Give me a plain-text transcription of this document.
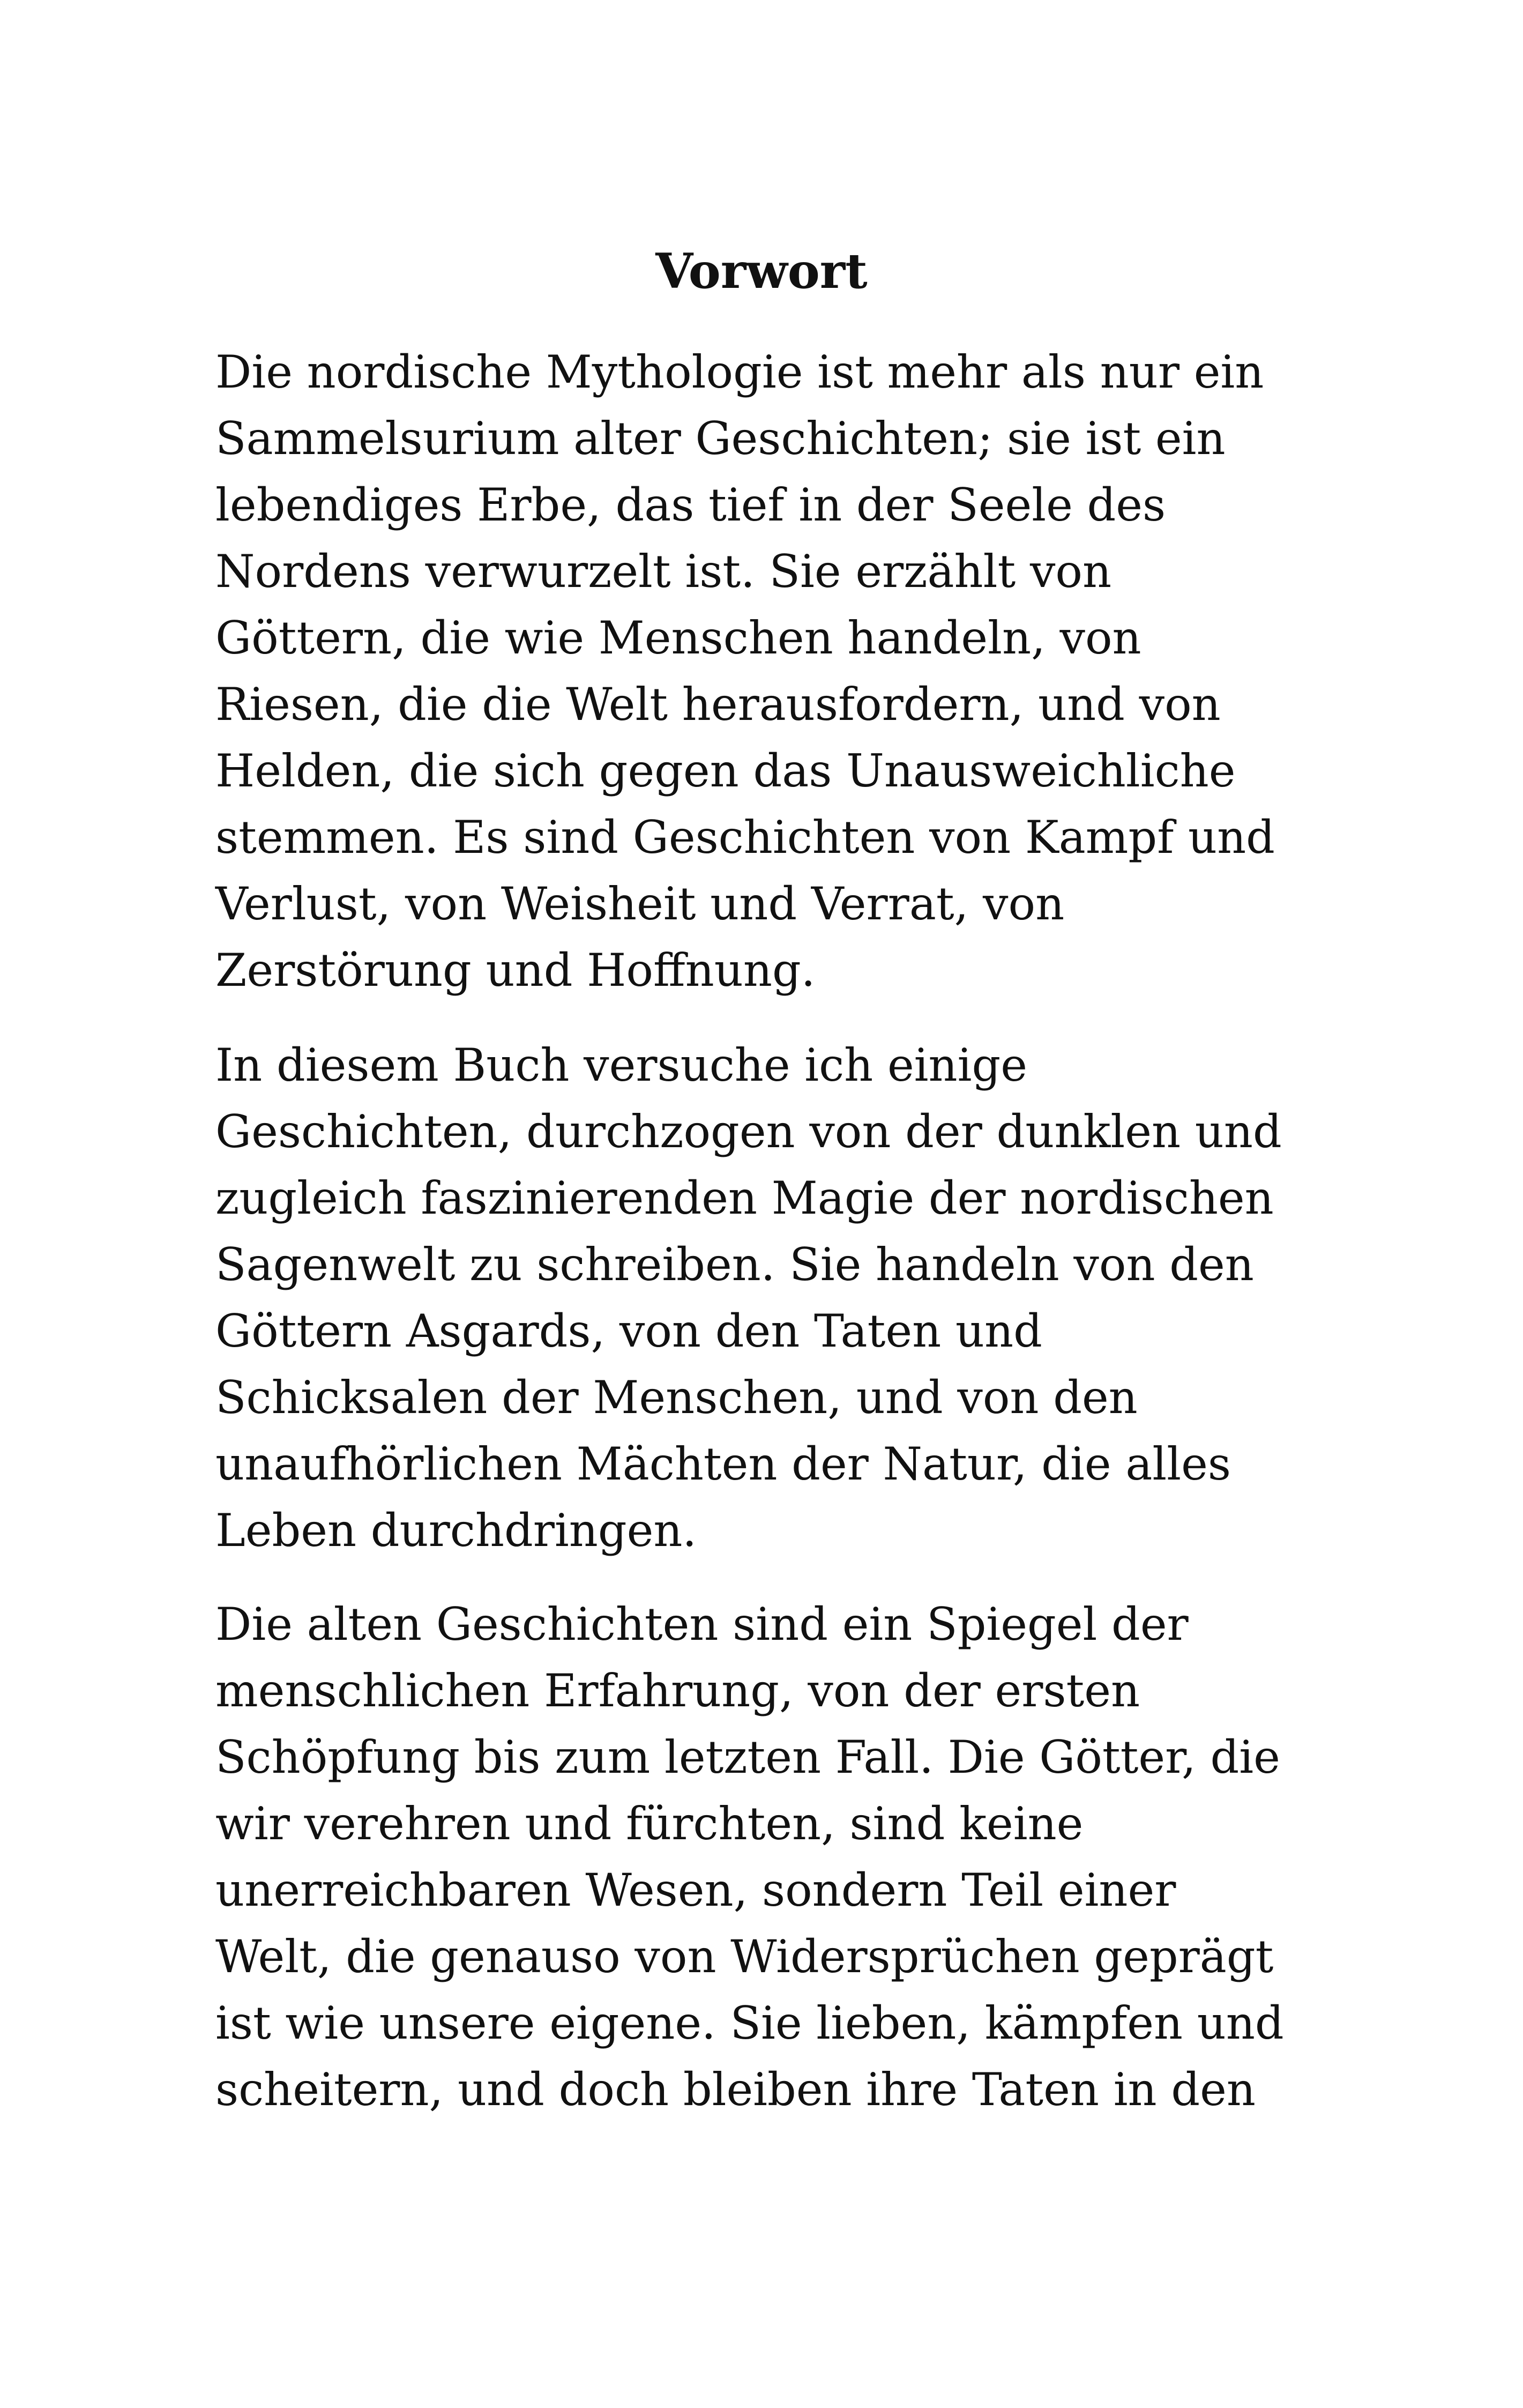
Vorwort

Die nordische Mythologie ist mehr als nur ein

Sammelsurium alter Geschichten; sie ist ein

lebendiges Erbe, das tief in der Seele des

Nordens verwurzelt ist. Sie erzählt von

Göttern, die wie Menschen handeln, von

Riesen, die die Welt herausfordern, und von

Helden, die sich gegen das Unausweichliche

stemmen. Es sind Geschichten von Kampf und

Verlust, von Weisheit und Verrat, von

Zerstörung und Hoffnung.

In diesem Buch versuche ich einige

Geschichten, durchzogen von der dunklen und

zugleich faszinierenden Magie der nordischen

Sagenwelt zu schreiben. Sie handeln von den

Göttern Asgards, von den Taten und

Schicksalen der Menschen, und von den

unaufhörlichen Mächten der Natur, die alles

Leben durchdringen.

Die alten Geschichten sind ein Spiegel der

menschlichen Erfahrung, von der ersten

Schöpfung bis zum letzten Fall. Die Götter, die

wir verehren und fürchten, sind keine

unerreichbaren Wesen, sondern Teil einer

Welt, die genauso von Widersprüchen geprägt

ist wie unsere eigene. Sie lieben, kämpfen und

scheitern, und doch bleiben ihre Taten in den
